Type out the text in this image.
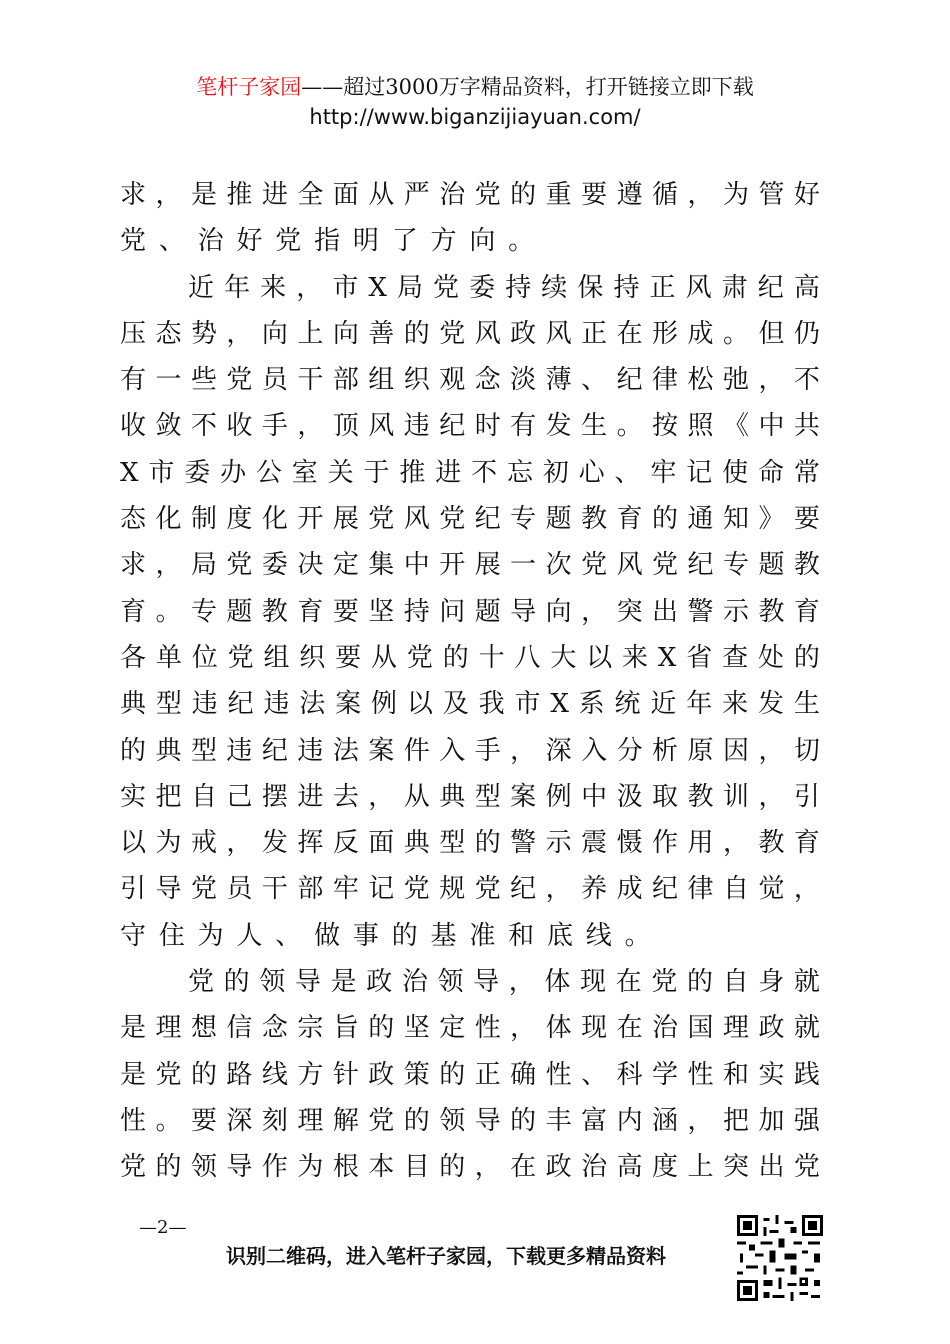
笔杆子家园——超过3000万字精品资料，打开链接立即下载
http://www.biganzijiayuan.com/
求 ， 是 推 进 全 面 从 严 治 党 的 重 要 遵 循 ， 为 管 好
党 、 治 好 党 指 明 了 方 向 。
近 年 来 ， 市 X 局 党 委 持 续 保 持 正 风 肃 纪 高
压 态 势 ， 向 上 向 善 的 党 风 政 风 正 在 形 成 。 但 仍
有 一 些 党 员 干 部 组 织 观 念 淡 薄 、 纪 律 松 弛 ， 不
收 敛 不 收 手 ， 顶 风 违 纪 时 有 发 生 。 按 照 《 中 共
X 市 委 办 公 室 关 于 推 进 不 忘 初 心 、 牢 记 使 命 常
态 化 制 度 化 开 展 党 风 党 纪 专 题 教 育 的 通 知 》 要
求 ， 局 党 委 决 定 集 中 开 展 一 次 党 风 党 纪 专 题 教
育 。 专 题 教 育 要 坚 持 问 题 导 向 ， 突 出 警 示 教 育
各 单 位 党 组 织 要 从 党 的 十 八 大 以 来 X 省 查 处 的
典 型 违 纪 违 法 案 例 以 及 我 市 X 系 统 近 年 来 发 生
的 典 型 违 纪 违 法 案 件 入 手 ， 深 入 分 析 原 因 ， 切
实 把 自 己 摆 进 去 ， 从 典 型 案 例 中 汲 取 教 训 ， 引
以 为 戒 ， 发 挥 反 面 典 型 的 警 示 震 慑 作 用 ， 教 育
引 导 党 员 干 部 牢 记 党 规 党 纪 ， 养 成 纪 律 自 觉 ，
守 住 为 人 、 做 事 的 基 准 和 底 线 。
党 的 领 导 是 政 治 领 导 ， 体 现 在 党 的 自 身 就
是 理 想 信 念 宗 旨 的 坚 定 性 ， 体 现 在 治 国 理 政 就
是 党 的 路 线 方 针 政 策 的 正 确 性 、 科 学 性 和 实 践
性 。 要 深 刻 理 解 党 的 领 导 的 丰 富 内 涵 ， 把 加 强
党 的 领 导 作 为 根 本 目 的 ， 在 政 治 高 度 上 突 出 党
—2—
识别二维码，进入笔杆子家园，下载更多精品资料
